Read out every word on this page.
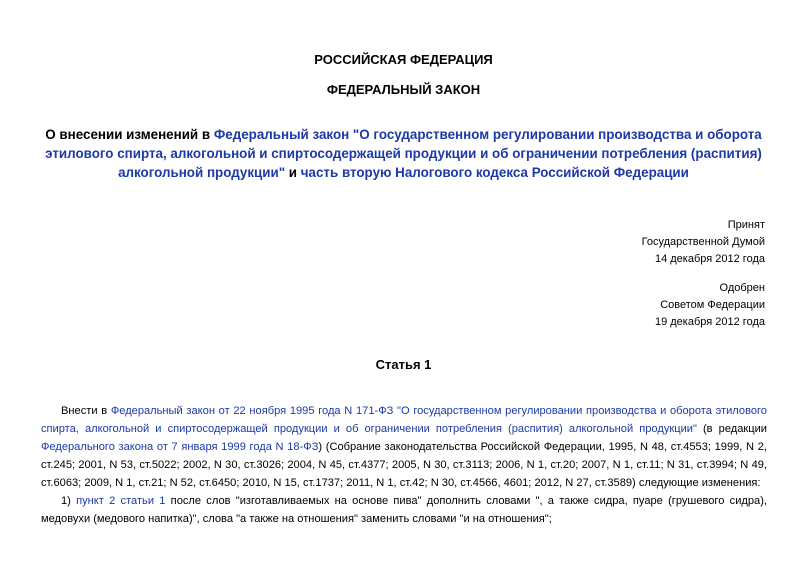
РОССИЙСКАЯ ФЕДЕРАЦИЯ
ФЕДЕРАЛЬНЫЙ ЗАКОН
О внесении изменений в Федеральный закон "О государственном регулировании производства и оборота этилового спирта, алкогольной и спиртосодержащей продукции и об ограничении потребления (распития) алкогольной продукции" и часть вторую Налогового кодекса Российской Федерации
Принят
Государственной Думой
14 декабря 2012 года
Одобрен
Советом Федерации
19 декабря 2012 года
Статья 1
Внести в Федеральный закон от 22 ноября 1995 года N 171-ФЗ "О государственном регулировании производства и оборота этилового спирта, алкогольной и спиртосодержащей продукции и об ограничении потребления (распития) алкогольной продукции" (в редакции Федерального закона от 7 января 1999 года N 18-ФЗ) (Собрание законодательства Российской Федерации, 1995, N 48, ст.4553; 1999, N 2, ст.245; 2001, N 53, ст.5022; 2002, N 30, ст.3026; 2004, N 45, ст.4377; 2005, N 30, ст.3113; 2006, N 1, ст.20; 2007, N 1, ст.11; N 31, ст.3994; N 49, ст.6063; 2009, N 1, ст.21; N 52, ст.6450; 2010, N 15, ст.1737; 2011, N 1, ст.42; N 30, ст.4566, 4601; 2012, N 27, ст.3589) следующие изменения:
1) пункт 2 статьи 1 после слов "изготавливаемых на основе пива" дополнить словами ", а также сидра, пуаре (грушевого сидра), медовухи (медового напитка)", слова "а также на отношения" заменить словами "и на отношения";
